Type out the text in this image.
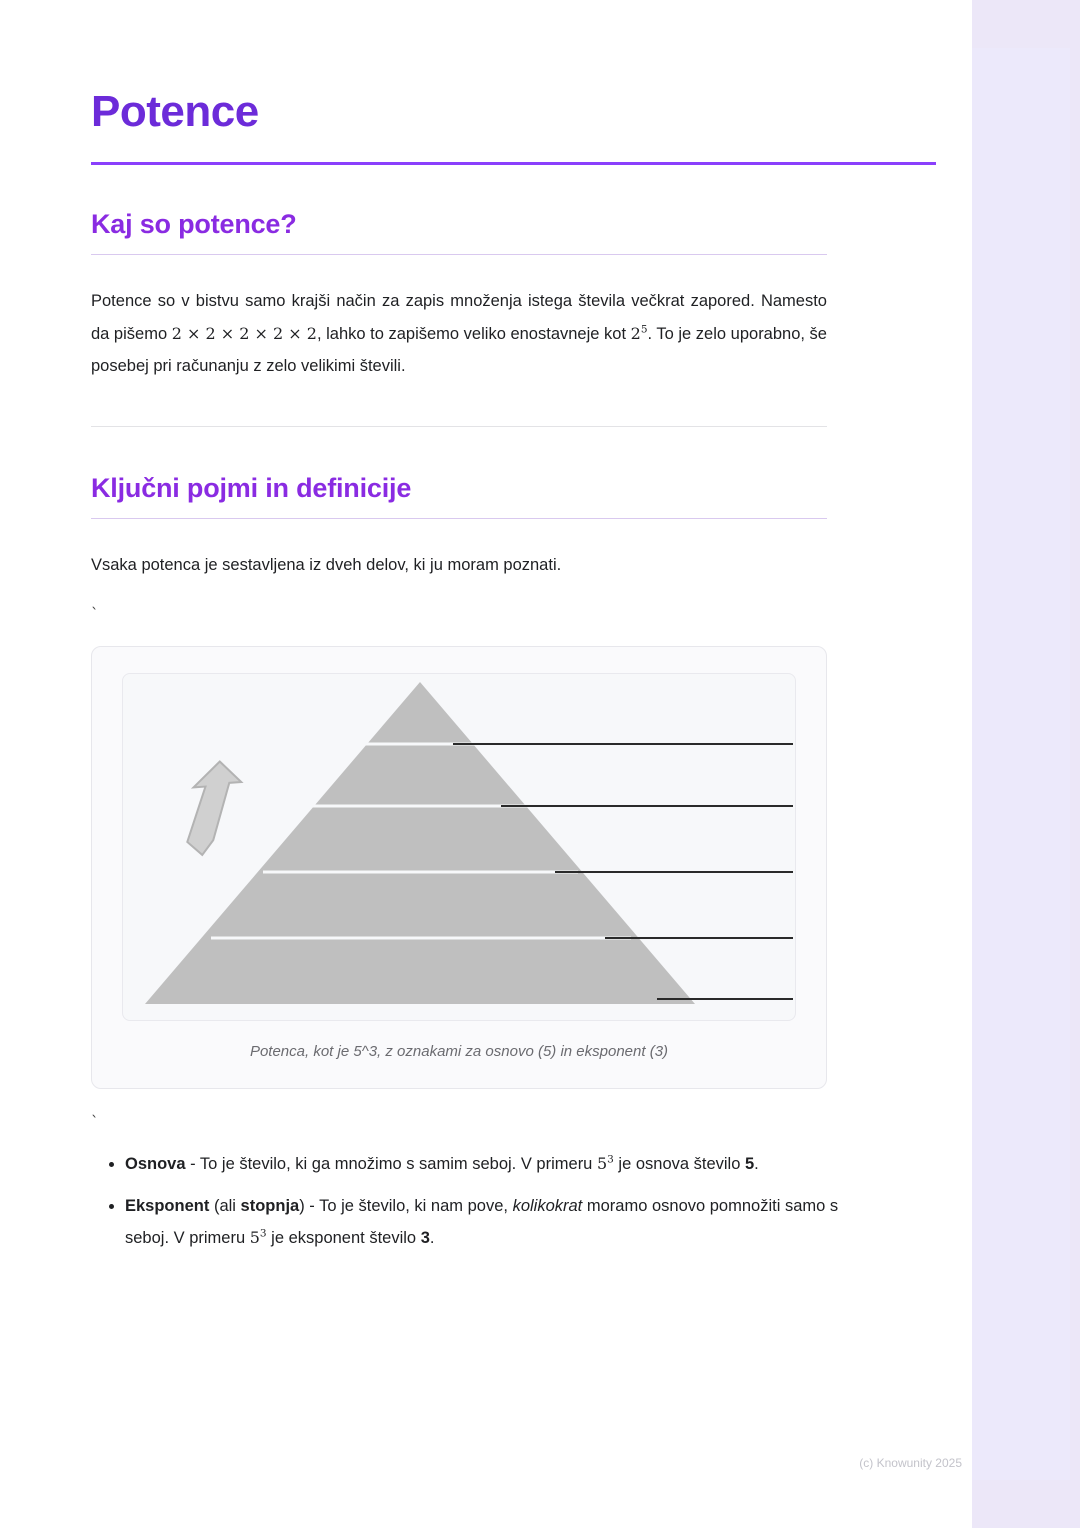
Potence
Kaj so potence?

Potence so v bistvu samo krajši način za zapis množenja istega števila večkrat zapored. Namesto da pišemo 2 × 2 × 2 × 2 × 2, lahko to zapišemo veliko enostavneje kot $2^5$. To je zelo uporabno, še posebej pri računanju z zelo velikimi števili.

Ključni pojmi in definicije

Vsaka potenca je sestavljena iz dveh delov, ki ju moram poznati.

`
Potenca, kot je 5^3, z oznakami za osnovo (5) in eksponent (3)
`
• Osnova - To je število, ki ga množimo s samim seboj. V primeru $5^3$ je osnova število 5.
• Eksponent (ali stopnja) - To je število, ki nam pove, kolikokrat moramo osnovo pomnožiti samo s seboj. V primeru $5^3$ je eksponent število 3.
(c) Knowunity 2025
